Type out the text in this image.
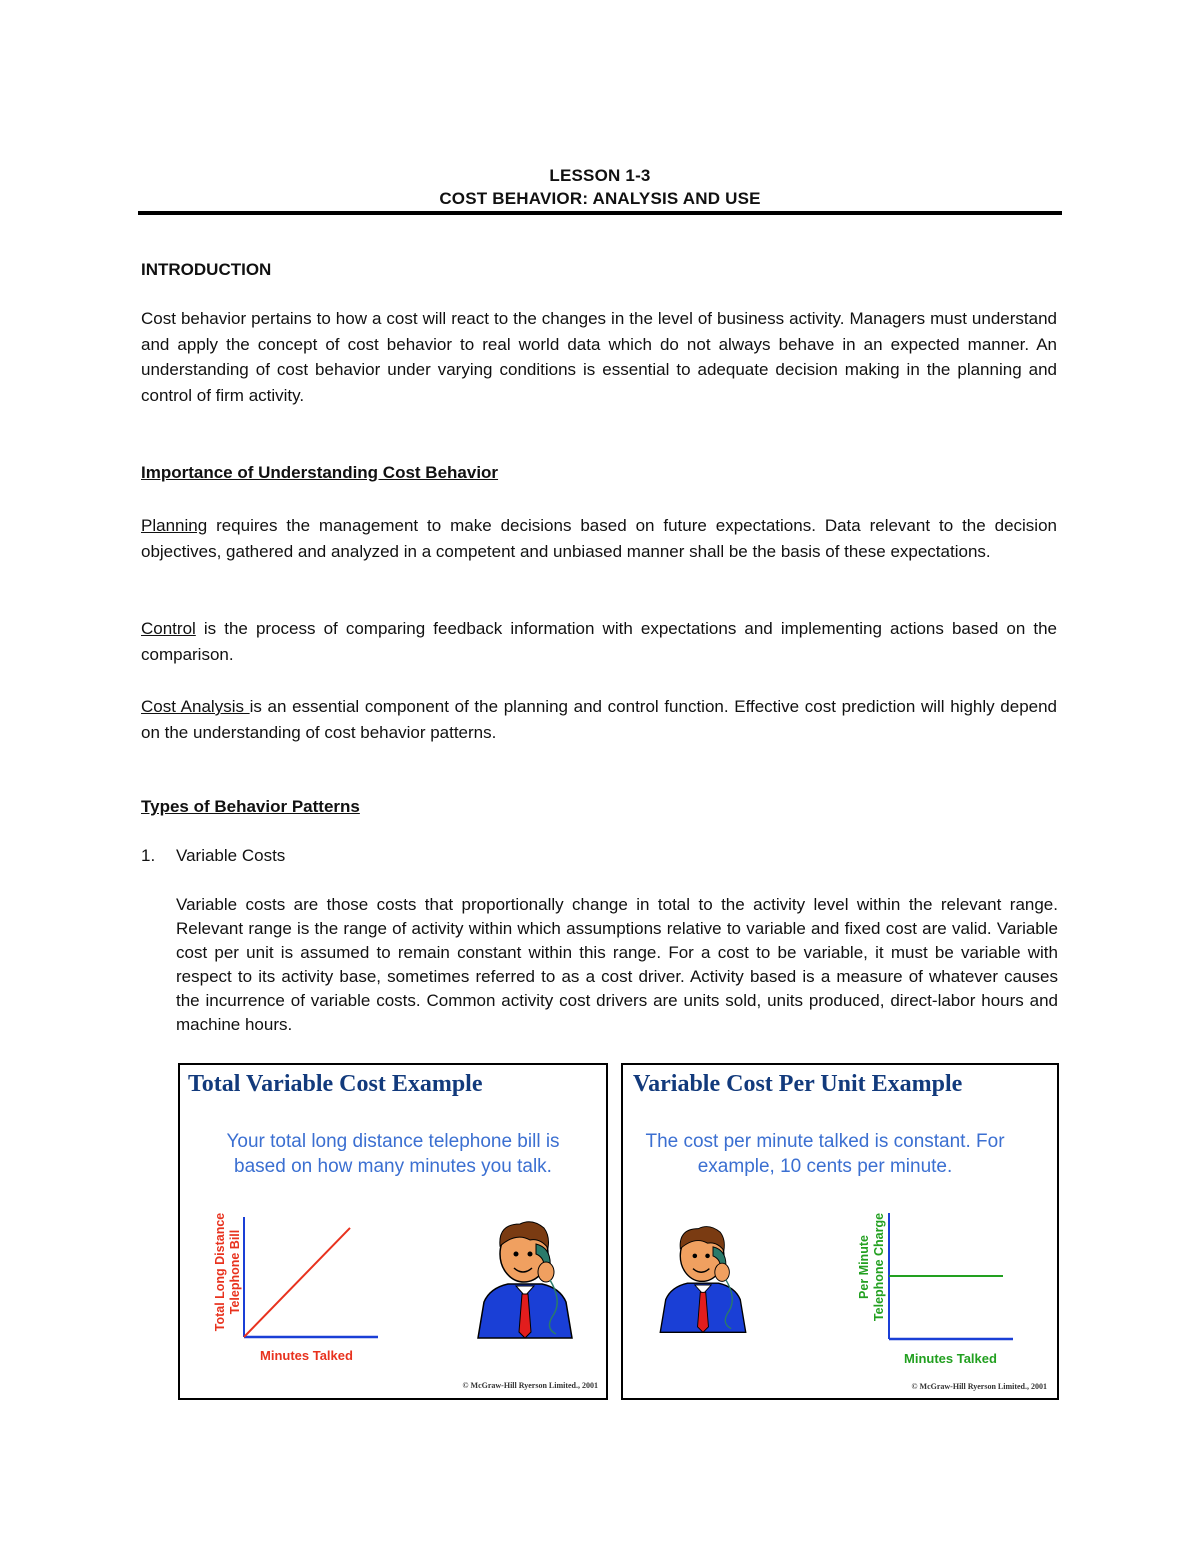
LESSON 1-3
COST BEHAVIOR: ANALYSIS AND USE
INTRODUCTION

Cost behavior pertains to how a cost will react to the changes in the level of business activity. Managers must understand and apply the concept of cost behavior to real world data which do not always behave in an expected manner. An understanding of cost behavior under varying conditions is essential to adequate decision making in the planning and control of firm activity.

Importance of Understanding Cost Behavior

Planning requires the management to make decisions based on future expectations. Data relevant to the decision objectives, gathered and analyzed in a competent and unbiased manner shall be the basis of these expectations.

Control is the process of comparing feedback information with expectations and implementing actions based on the comparison.

Cost Analysis is an essential component of the planning and control function. Effective cost prediction will highly depend on the understanding of cost behavior patterns.

Types of Behavior Patterns
1. Variable Costs

Variable costs are those costs that proportionally change in total to the activity level within the relevant range. Relevant range is the range of activity within which assumptions relative to variable and fixed cost are valid. Variable cost per unit is assumed to remain constant within this range. For a cost to be variable, it must be variable with respect to its activity base, sometimes referred to as a cost driver. Activity based is a measure of whatever causes the incurrence of variable costs. Common activity cost drivers are units sold, units produced, direct-labor hours and machine hours.

Total Variable Cost Example
Your total long distance telephone bill is
based on how many minutes you talk.
Total Long Distance Telephone Bill
Minutes Talked
© McGraw-Hill Ryerson Limited., 2001
Variable Cost Per Unit Example
The cost per minute talked is constant. For
example, 10 cents per minute.
Per Minute Telephone Charge
Minutes Talked
© McGraw-Hill Ryerson Limited., 2001
